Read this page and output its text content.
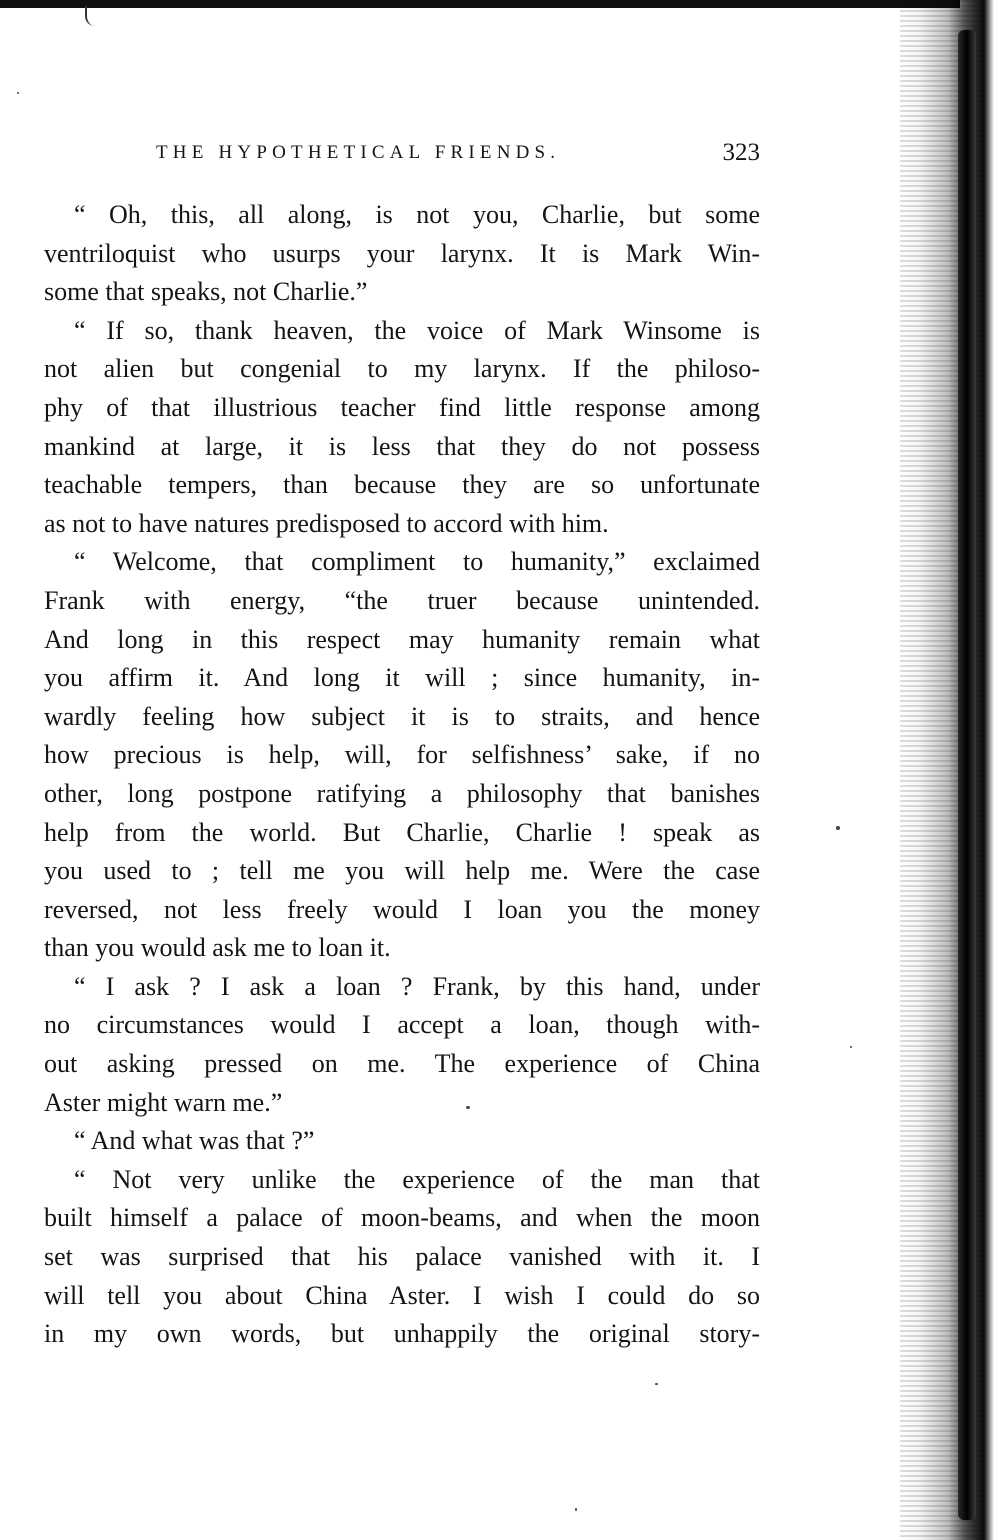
THE HYPOTHETICAL FRIENDS.	323
“ Oh, this, all along, is not you, Charlie, but some
ventriloquist who usurps your larynx. It is Mark Win-
some that speaks, not Charlie.”
“ If so, thank heaven, the voice of Mark Winsome is
not alien but congenial to my larynx. If the philoso-
phy of that illustrious teacher find little response among
mankind at large, it is less that they do not possess
teachable tempers, than because they are so unfortunate
as not to have natures predisposed to accord with him.
“ Welcome, that compliment to humanity,” exclaimed
Frank with energy, “the truer because unintended.
And long in this respect may humanity remain what
you affirm it. And long it will ; since humanity, in-
wardly feeling how subject it is to straits, and hence
how precious is help, will, for selfishness’ sake, if no
other, long postpone ratifying a philosophy that banishes
help from the world. But Charlie, Charlie ! speak as
you used to ; tell me you will help me. Were the case
reversed, not less freely would I loan you the money
than you would ask me to loan it.
“ I ask ? I ask a loan ? Frank, by this hand, under
no circumstances would I accept a loan, though with-
out asking pressed on me. The experience of China
Aster might warn me.”
“ And what was that ?”
“ Not very unlike the experience of the man that
built himself a palace of moon-beams, and when the moon
set was surprised that his palace vanished with it. I
will tell you about China Aster. I wish I could do so
in my own words, but unhappily the original story-
